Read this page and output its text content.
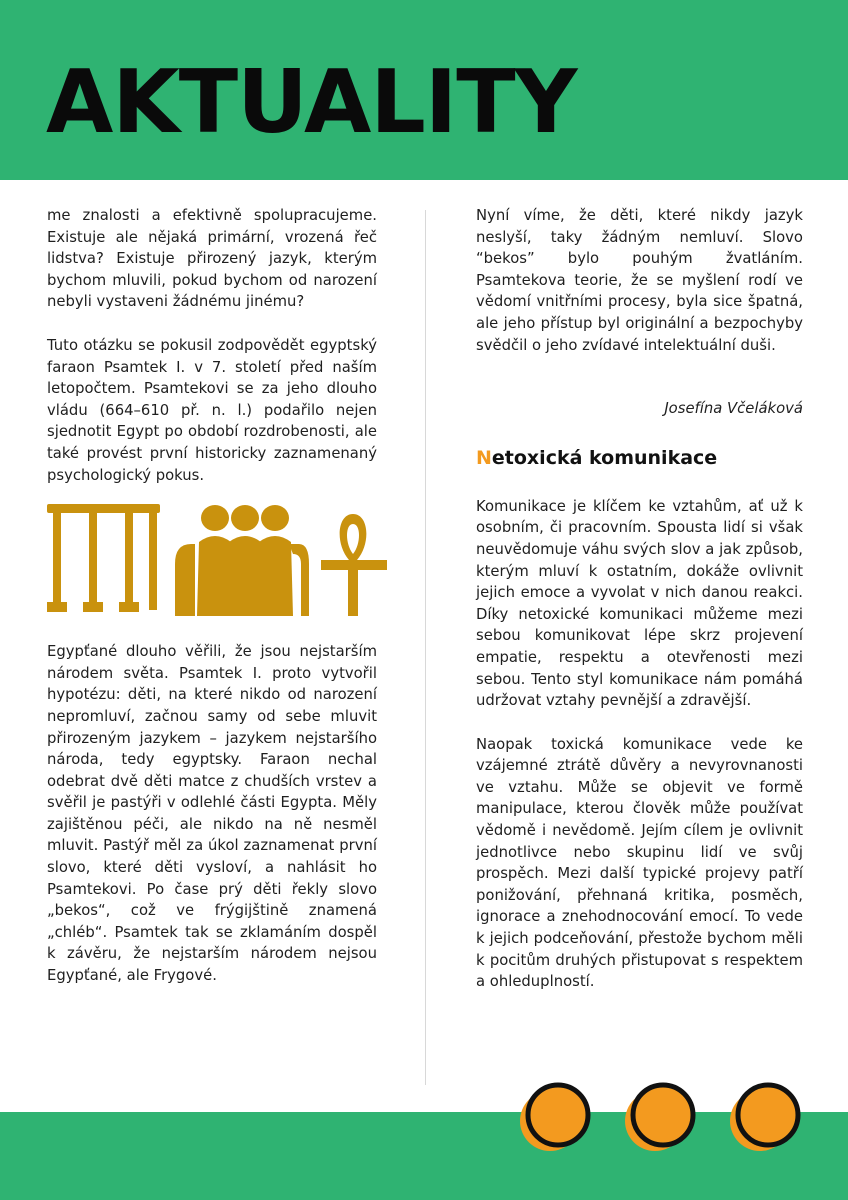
AKTUALITY

me znalosti a efektivně spolupracujeme. Existuje ale nějaká primární, vrozená řeč lidstva? Existuje přirozený jazyk, kterým bychom mluvili, pokud bychom od narození nebyli vystaveni žádnému jinému?

Tuto otázku se pokusil zodpovědět egyptský faraon Psamtek I. v 7. století před naším letopočtem. Psamtekovi se za jeho dlouho vládu (664–610 př. n. l.) podařilo nejen sjednotit Egypt po období rozdrobenosti, ale také provést první historicky zaznamenaný psychologický pokus.

Egypťané dlouho věřili, že jsou nejstarším národem světa. Psamtek I. proto vytvořil hypotézu: děti, na které nikdo od narození nepromluví, začnou samy od sebe mluvit přirozeným jazykem – jazykem nejstaršího národa, tedy egyptsky. Faraon nechal odebrat dvě děti matce z chudších vrstev a svěřil je pastýři v odlehlé části Egypta. Měly zajištěnou péči, ale nikdo na ně nesměl mluvit. Pastýř měl za úkol zaznamenat první slovo, které děti vysloví, a nahlásit ho Psamtekovi. Po čase prý děti řekly slovo „bekos“, což ve frýgijštině znamená „chléb“. Psamtek tak se zklamáním dospěl k závěru, že nejstarším národem nejsou Egypťané, ale Frygové.

Nyní víme, že děti, které nikdy jazyk neslyší, taky žádným nemluví. Slovo “bekos” bylo pouhým žvatláním. Psamtekova teorie, že se myšlení rodí ve vědomí vnitřními procesy, byla sice špatná, ale jeho přístup byl originální a bezpochyby svědčil o jeho zvídavé intelektuální duši.

Josefína Včeláková

Netoxická komunikace

Komunikace je klíčem ke vztahům, ať už k osobním, či pracovním. Spousta lidí si však neuvědomuje váhu svých slov a jak způsob, kterým mluví k ostatním, dokáže ovlivnit jejich emoce a vyvolat v nich danou reakci. Díky netoxické komunikaci můžeme mezi sebou komunikovat lépe skrz projevení empatie, respektu a otevřenosti mezi sebou. Tento styl komunikace nám pomáhá udržovat vztahy pevnější a zdravější.

Naopak toxická komunikace vede ke vzájemné ztrátě důvěry a nevyrovnanosti ve vztahu. Může se objevit ve formě manipulace, kterou člověk může používat vědomě i nevědomě. Jejím cílem je ovlivnit jednotlivce nebo skupinu lidí ve svůj prospěch. Mezi další typické projevy patří ponižování, přehnaná kritika, posměch, ignorace a znehodnocování emocí. To vede k jejich podceňování, přestože bychom měli k pocitům druhých přistupovat s respektem a ohleduplností.
